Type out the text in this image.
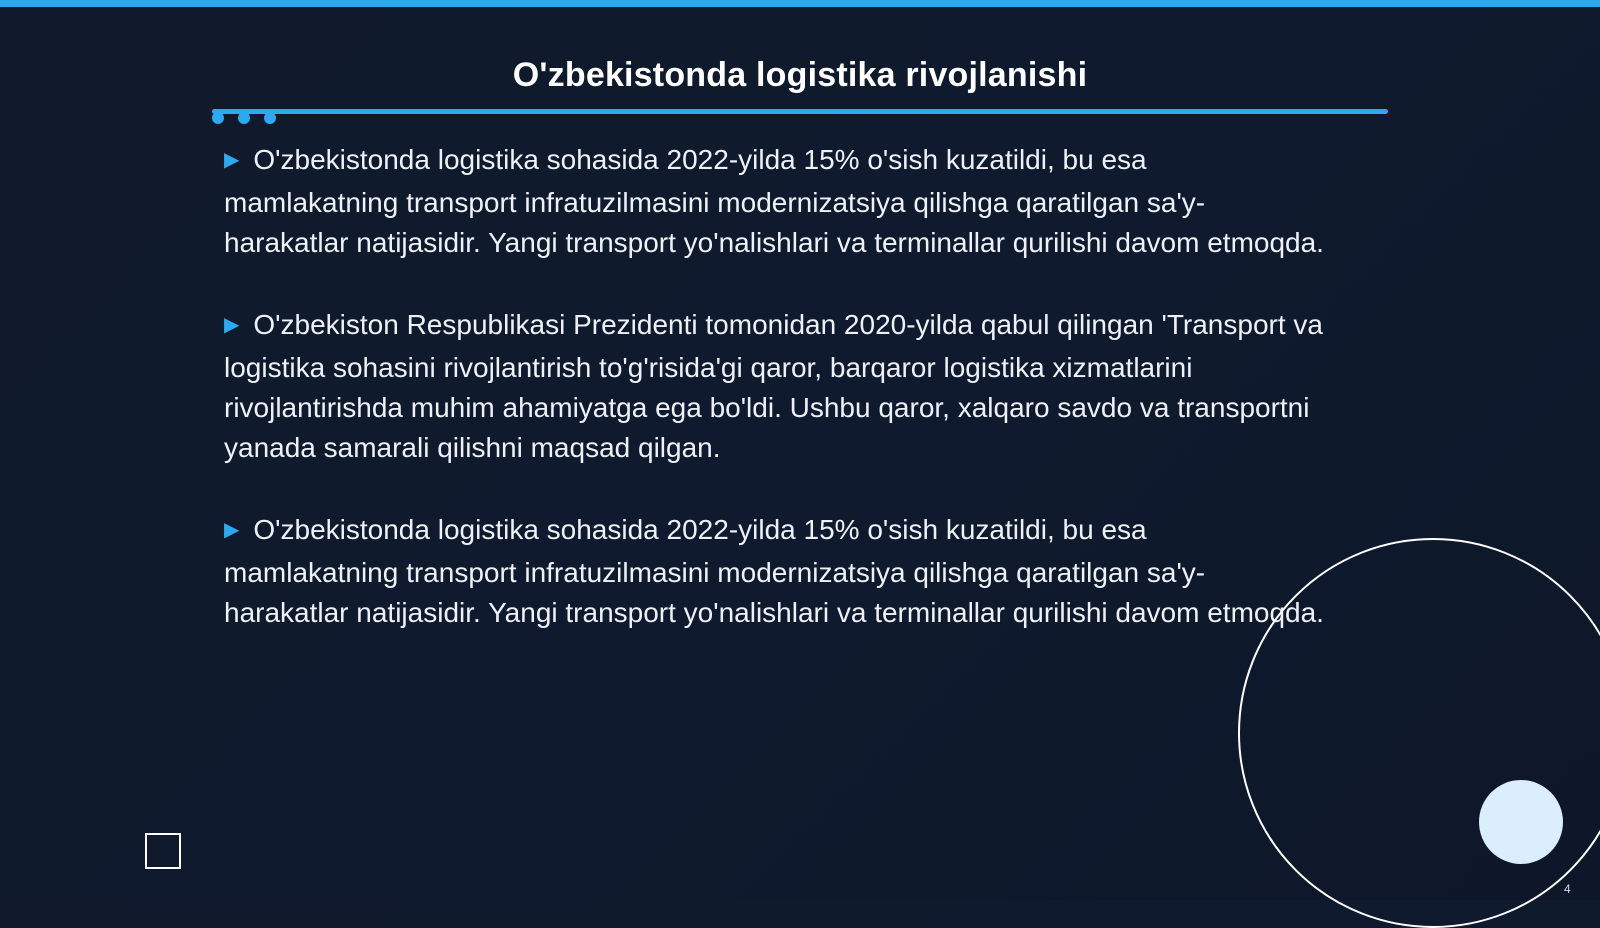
O'zbekistonda logistika rivojlanishi

▶ O'zbekistonda logistika sohasida 2022-yilda 15% o'sish kuzatildi, bu esa mamlakatning transport infratuzilmasini modernizatsiya qilishga qaratilgan sa'y-harakatlar natijasidir. Yangi transport yo'nalishlari va terminallar qurilishi davom etmoqda.

▶ O'zbekiston Respublikasi Prezidenti tomonidan 2020-yilda qabul qilingan 'Transport va logistika sohasini rivojlantirish to'g'risida'gi qaror, barqaror logistika xizmatlarini rivojlantirishda muhim ahamiyatga ega bo'ldi. Ushbu qaror, xalqaro savdo va transportni yanada samarali qilishni maqsad qilgan.

▶ O'zbekistonda logistika sohasida 2022-yilda 15% o'sish kuzatildi, bu esa mamlakatning transport infratuzilmasini modernizatsiya qilishga qaratilgan sa'y-harakatlar natijasidir. Yangi transport yo'nalishlari va terminallar qurilishi davom etmoqda.

4
